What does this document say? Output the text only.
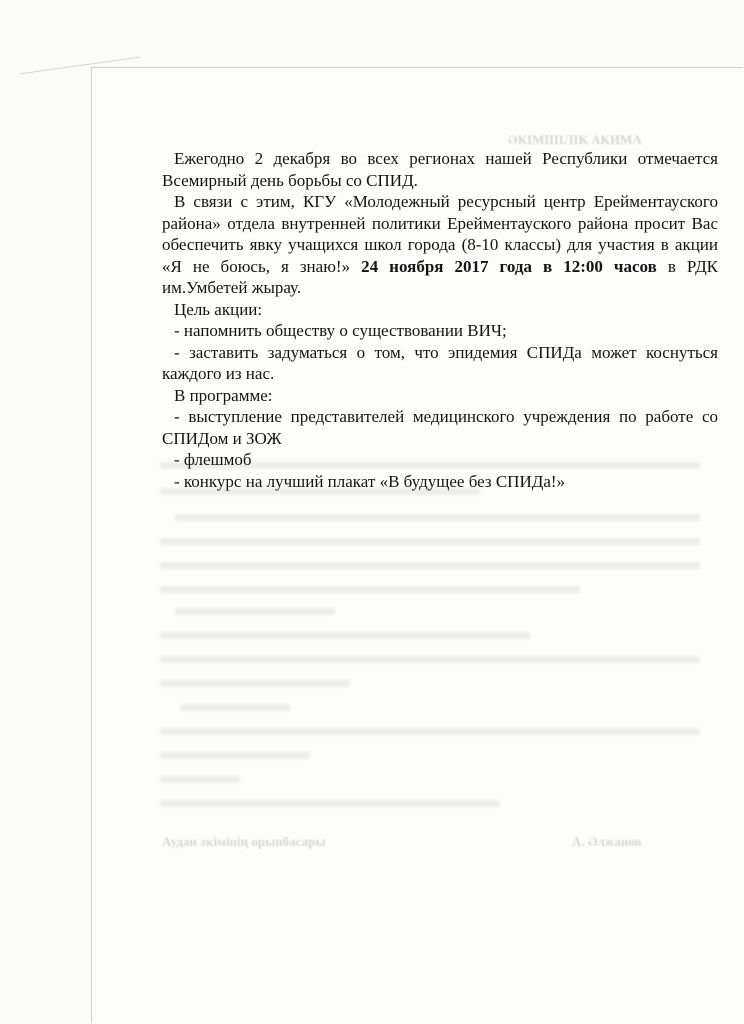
ӘКІМШІЛІК АКИМА
Аудан әкімінің орынбасары	А. Әлжанов

Ежегодно 2 декабря во всех регионах нашей Республики отмечается Всемирный день борьбы со СПИД.

В связи с этим, КГУ «Молодежный ресурсный центр Ерейментауского района» отдела внутренней политики Ерейментауского района просит Вас обеспечить явку учащихся школ города (8-10 классы) для участия в акции «Я не боюсь, я знаю!» 24 ноября 2017 года в 12:00 часов в РДК им.Умбетей жырау.

Цель акции:

- напомнить обществу о существовании ВИЧ;

- заставить задуматься о том, что эпидемия СПИДа может коснуться каждого из нас.

В программе:

- выступление представителей медицинского учреждения по работе со СПИДом и ЗОЖ

- флешмоб

- конкурс на лучший плакат «В будущее без СПИДа!»
